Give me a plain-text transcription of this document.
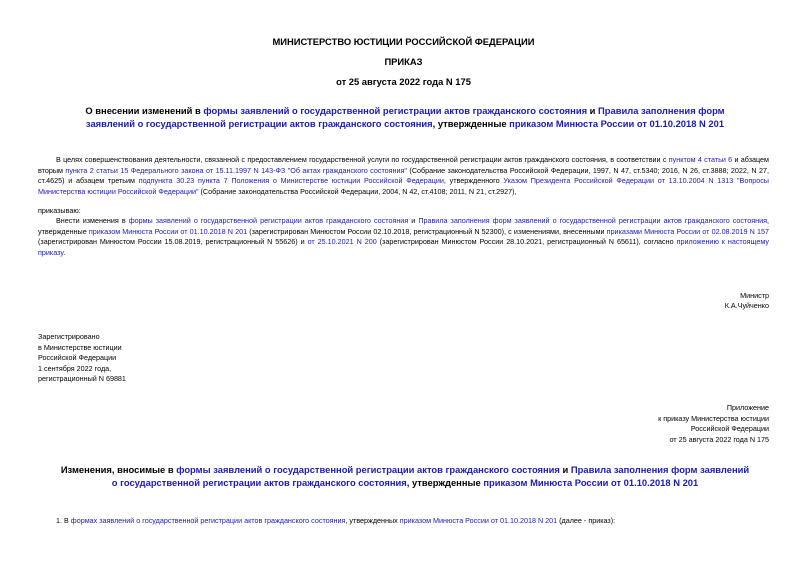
МИНИСТЕРСТВО ЮСТИЦИИ РОССИЙСКОЙ ФЕДЕРАЦИИ
ПРИКАЗ
от 25 августа 2022 года N 175
О внесении изменений в формы заявлений о государственной регистрации актов гражданского состояния и Правила заполнения форм заявлений о государственной регистрации актов гражданского состояния, утвержденные приказом Минюста России от 01.10.2018 N 201
В целях совершенствования деятельности, связанной с предоставлением государственной услуги по государственной регистрации актов гражданского состояния, в соответствии с пунктом 4 статьи 6 и абзацем вторым пункта 2 статьи 15 Федерального закона от 15.11.1997 N 143-ФЗ "Об актах гражданского состояния" (Собрание законодательства Российской Федерации, 1997, N 47, ст.5340; 2016, N 26, ст.3888; 2022, N 27, ст.4625) и абзацем третьим подпункта 30.23 пункта 7 Положения о Министерстве юстиции Российской Федерации, утвержденного Указом Президента Российской Федерации от 13.10.2004 N 1313 "Вопросы Министерства юстиции Российской Федерации" (Собрание законодательства Российской Федерации, 2004, N 42, ст.4108; 2011, N 21, ст.2927),
приказываю:
Внести изменения в формы заявлений о государственной регистрации актов гражданского состояния и Правила заполнения форм заявлений о государственной регистрации актов гражданского состояния, утвержденные приказом Минюста России от 01.10.2018 N 201 (зарегистрирован Минюстом России 02.10.2018, регистрационный N 52300), с изменениями, внесенными приказами Минюста России от 02.08.2019 N 157 (зарегистрирован Минюстом России 15.08.2019, регистрационный N 55626) и от 25.10.2021 N 200 (зарегистрирован Минюстом России 28.10.2021, регистрационный N 65611), согласно приложению к настоящему приказу.
Министр
К.А.Чуйченко
Зарегистрировано
в Министерстве юстиции
Российской Федерации
1 сентября 2022 года,
регистрационный N 69881
Приложение
к приказу Министерства юстиции
Российской Федерации
от 25 августа 2022 года N 175
Изменения, вносимые в формы заявлений о государственной регистрации актов гражданского состояния и Правила заполнения форм заявлений о государственной регистрации актов гражданского состояния, утвержденные приказом Минюста России от 01.10.2018 N 201
1. В формах заявлений о государственной регистрации актов гражданского состояния, утвержденных приказом Минюста России от 01.10.2018 N 201 (далее - приказ):
